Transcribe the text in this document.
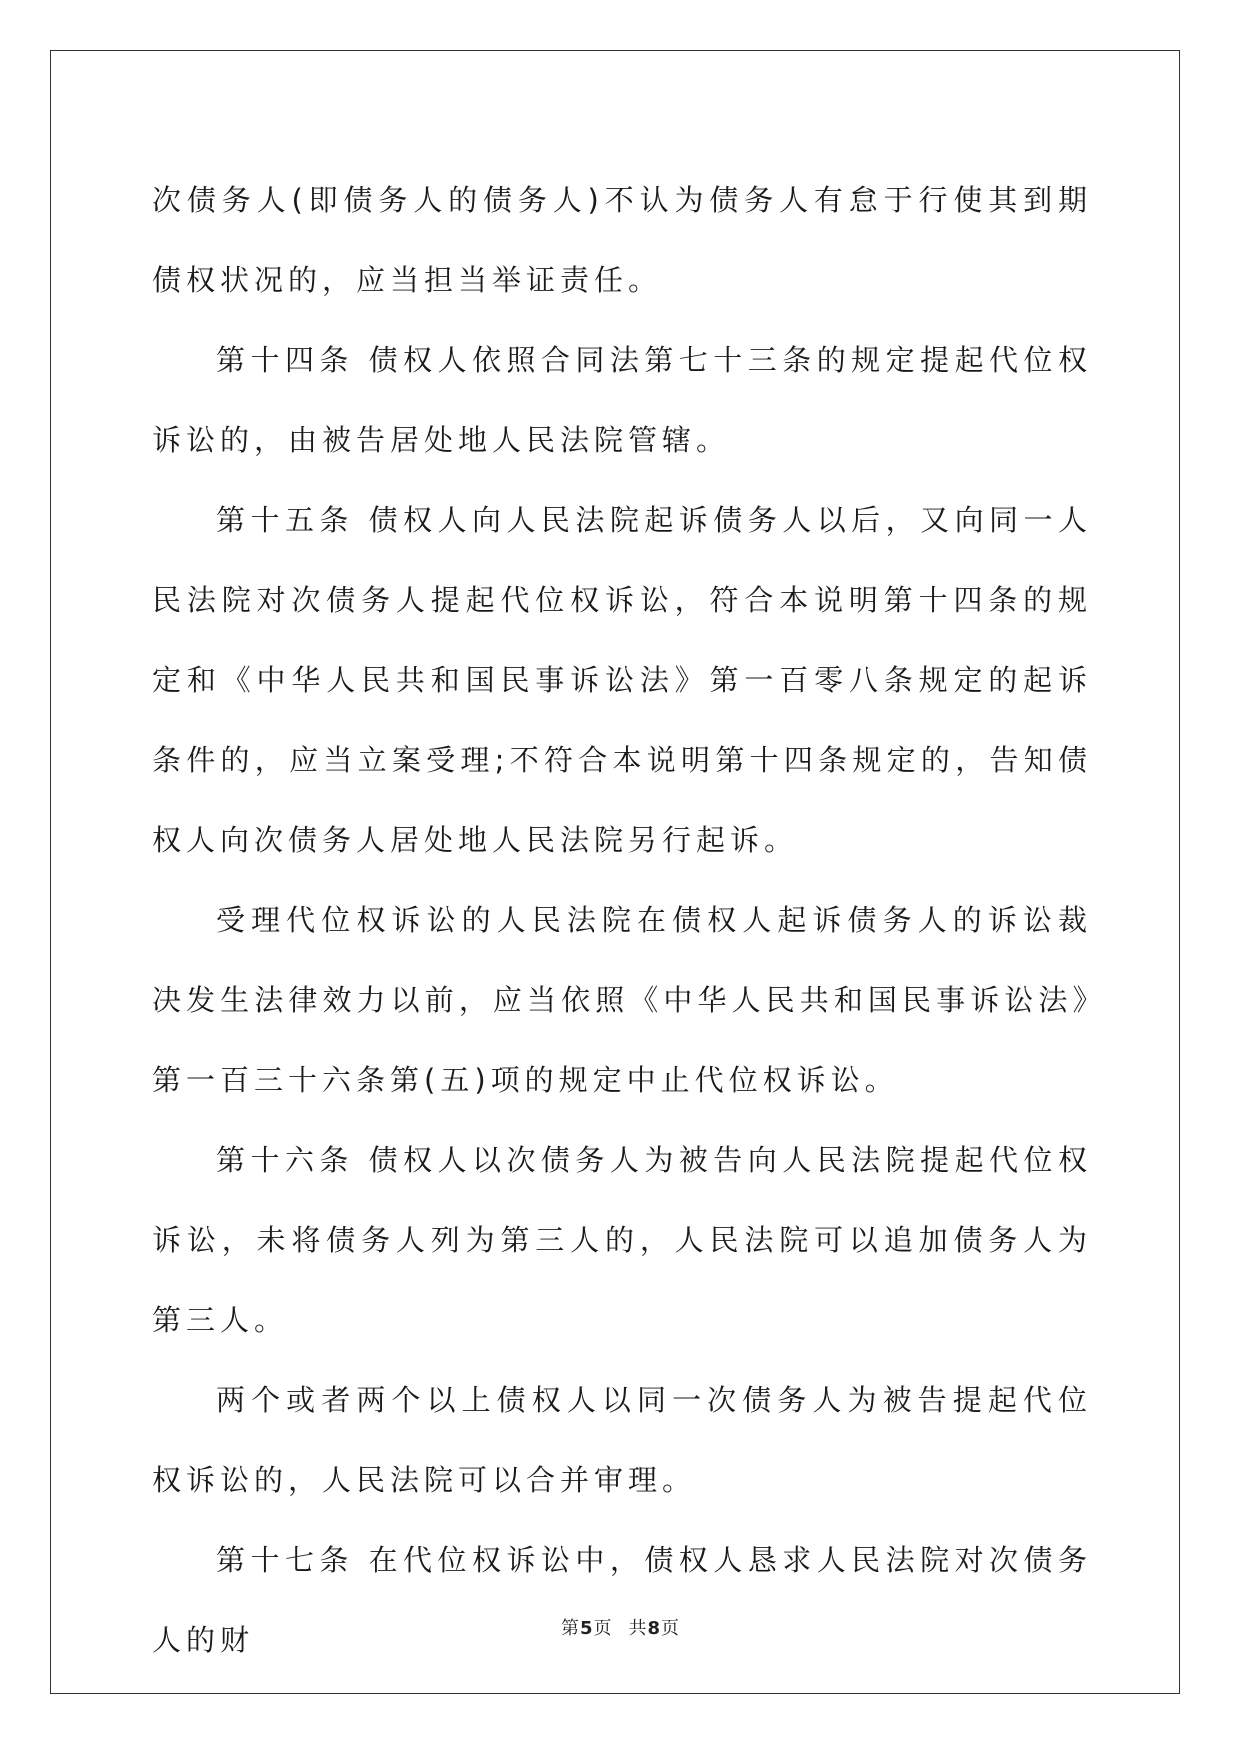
次债务人(即债务人的债务人)不认为债务人有怠于行使其到期债权状况的，应当担当举证责任。

第十四条 债权人依照合同法第七十三条的规定提起代位权诉讼的，由被告居处地人民法院管辖。

第十五条 债权人向人民法院起诉债务人以后，又向同一人民法院对次债务人提起代位权诉讼，符合本说明第十四条的规定和《中华人民共和国民事诉讼法》第一百零八条规定的起诉条件的，应当立案受理;不符合本说明第十四条规定的，告知债权人向次债务人居处地人民法院另行起诉。

受理代位权诉讼的人民法院在债权人起诉债务人的诉讼裁决发生法律效力以前，应当依照《中华人民共和国民事诉讼法》第一百三十六条第(五)项的规定中止代位权诉讼。

第十六条 债权人以次债务人为被告向人民法院提起代位权诉讼，未将债务人列为第三人的，人民法院可以追加债务人为第三人。

两个或者两个以上债权人以同一次债务人为被告提起代位权诉讼的，人民法院可以合并审理。

第十七条 在代位权诉讼中，债权人恳求人民法院对次债务人的财	第5页 共8页
